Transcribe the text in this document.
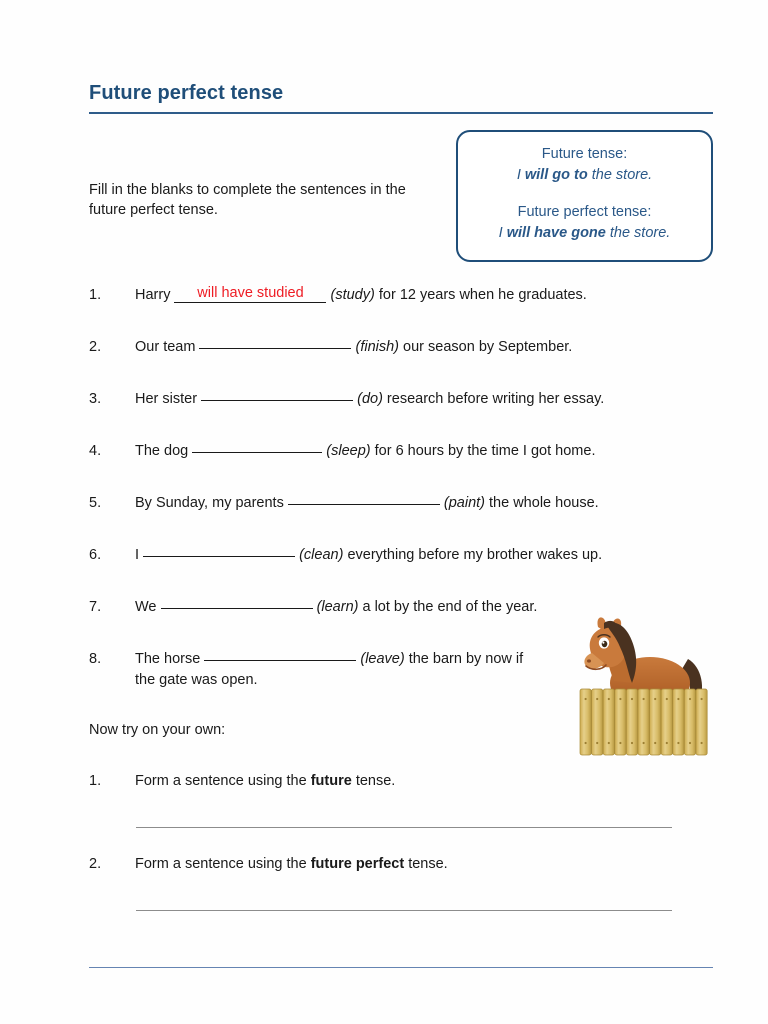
Future perfect tense
Fill in the blanks to complete the sentences in the future perfect tense.
Future tense:
I will go to the store.
Future perfect tense:
I will have gone the store.
1.	Harry will have studied (study) for 12 years when he graduates.
2.	Our team	(finish) our season by September.
3.	Her sister	(do) research before writing her essay.
4.	The dog	(sleep) for 6 hours by the time I got home.
5.	By Sunday, my parents	(paint) the whole house.
6.	I	(clean) everything before my brother wakes up.
7.	We	(learn) a lot by the end of the year.
8.	The horse	(leave) the barn by now if
the gate was open.
Now try on your own:
1.	Form a sentence using the future tense.
2.	Form a sentence using the future perfect tense.
